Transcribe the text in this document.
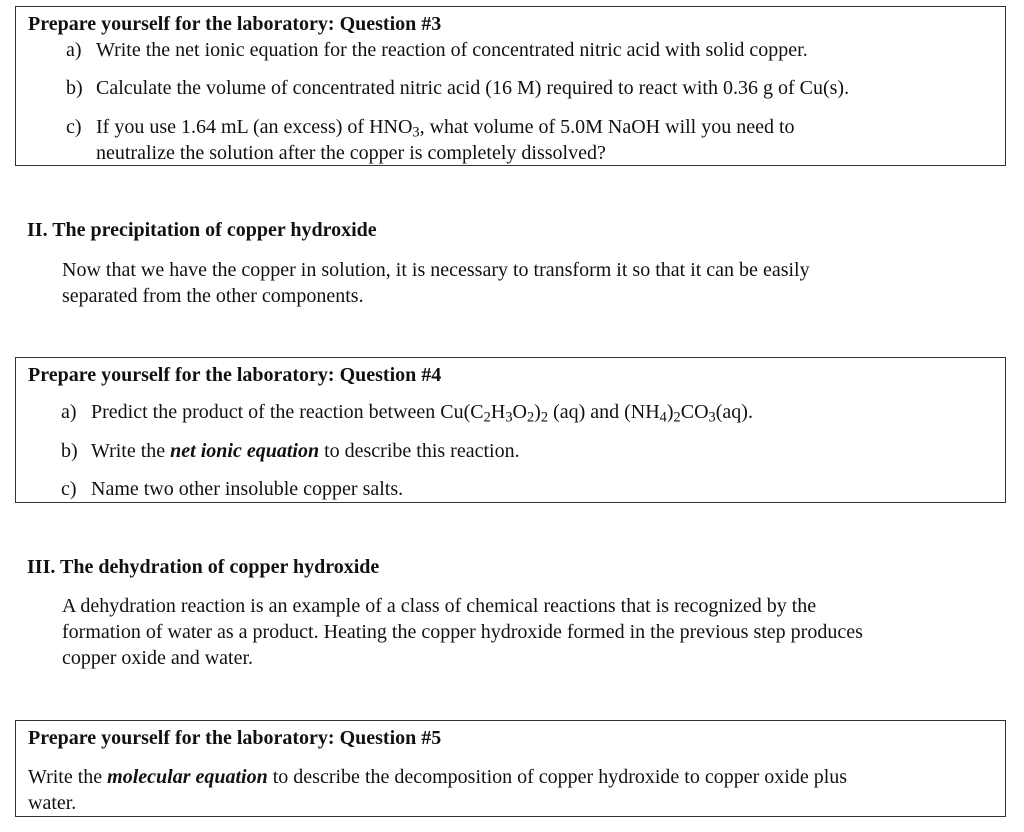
Prepare yourself for the laboratory: Question #3
a) Write the net ionic equation for the reaction of concentrated nitric acid with solid copper.
b) Calculate the volume of concentrated nitric acid (16 M) required to react with 0.36 g of Cu(s).
c) If you use 1.64 mL (an excess) of $HNO_3$, what volume of 5.0M NaOH will you need to
neutralize the solution after the copper is completely dissolved?
II. The precipitation of copper hydroxide
Now that we have the copper in solution, it is necessary to transform it so that it can be easily
separated from the other components.
Prepare yourself for the laboratory: Question #4
a) Predict the product of the reaction between $Cu(C_2H_3O_2)_2$ (aq) and $(NH_4)_2CO_3(aq)$.
b) Write the net ionic equation to describe this reaction.
c) Name two other insoluble copper salts.
III. The dehydration of copper hydroxide
A dehydration reaction is an example of a class of chemical reactions that is recognized by the
formation of water as a product. Heating the copper hydroxide formed in the previous step produces
copper oxide and water.
Prepare yourself for the laboratory: Question #5
Write the molecular equation to describe the decomposition of copper hydroxide to copper oxide plus
water.
